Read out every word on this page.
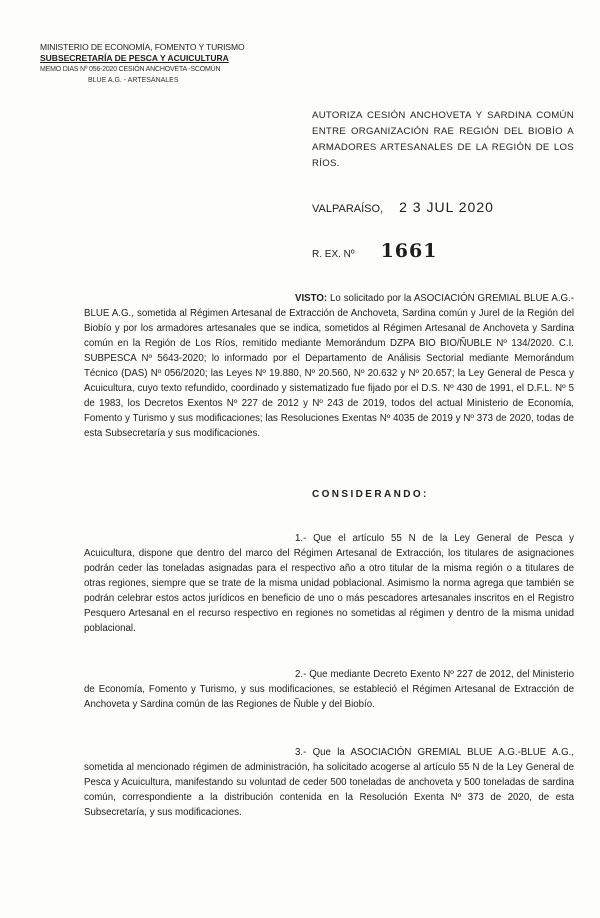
MINISTERIO DE ECONOMÍA, FOMENTO Y TURISMO
SUBSECRETARÍA DE PESCA Y ACUICULTURA
MEMO DIAS Nº 056-2020 CESIÓN ANCHOVETA -SCOMÚN
BLUE A.G. - ARTESANALES
AUTORIZA CESIÓN ANCHOVETA Y SARDINA COMÚN ENTRE ORGANIZACIÓN RAE REGIÓN DEL BIOBÍO A ARMADORES ARTESANALES DE LA REGIÓN DE LOS RÍOS.
VALPARAÍSO, 2 3 JUL 2020
R. EX. Nº 1661
VISTO: Lo solicitado por la ASOCIACIÓN GREMIAL BLUE A.G.-BLUE A.G., sometida al Régimen Artesanal de Extracción de Anchoveta, Sardina común y Jurel de la Región del Biobío y por los armadores artesanales que se indica, sometidos al Régimen Artesanal de Anchoveta y Sardina común en la Región de Los Ríos, remitido mediante Memorándum DZPA BIO BIO/ÑUBLE Nº 134/2020. C.I. SUBPESCA Nº 5643-2020; lo informado por el Departamento de Análisis Sectorial mediante Memorándum Técnico (DAS) Nº 056/2020; las Leyes Nº 19.880, Nº 20.560, Nº 20.632 y Nº 20.657; la Ley General de Pesca y Acuicultura, cuyo texto refundido, coordinado y sistematizado fue fijado por el D.S. Nº 430 de 1991, el D.F.L. Nº 5 de 1983, los Decretos Exentos Nº 227 de 2012 y Nº 243 de 2019, todos del actual Ministerio de Economía, Fomento y Turismo y sus modificaciones; las Resoluciones Exentas Nº 4035 de 2019 y Nº 373 de 2020, todas de esta Subsecretaría y sus modificaciones.
CONSIDERANDO:
1.- Que el artículo 55 N de la Ley General de Pesca y Acuicultura, dispone que dentro del marco del Régimen Artesanal de Extracción, los titulares de asignaciones podrán ceder las toneladas asignadas para el respectivo año a otro titular de la misma región o a titulares de otras regiones, siempre que se trate de la misma unidad poblacional. Asimismo la norma agrega que también se podrán celebrar estos actos jurídicos en beneficio de uno o más pescadores artesanales inscritos en el Registro Pesquero Artesanal en el recurso respectivo en regiones no sometidas al régimen y dentro de la misma unidad poblacional.
2.- Que mediante Decreto Exento Nº 227 de 2012, del Ministerio de Economía, Fomento y Turismo, y sus modificaciones, se estableció el Régimen Artesanal de Extracción de Anchoveta y Sardina común de las Regiones de Ñuble y del Biobío.
3.- Que la ASOCIACIÓN GREMIAL BLUE A.G.-BLUE A.G., sometida al mencionado régimen de administración, ha solicitado acogerse al artículo 55 N de la Ley General de Pesca y Acuicultura, manifestando su voluntad de ceder 500 toneladas de anchoveta y 500 toneladas de sardina común, correspondiente a la distribución contenida en la Resolución Exenta Nº 373 de 2020, de esta Subsecretaría, y sus modificaciones.
